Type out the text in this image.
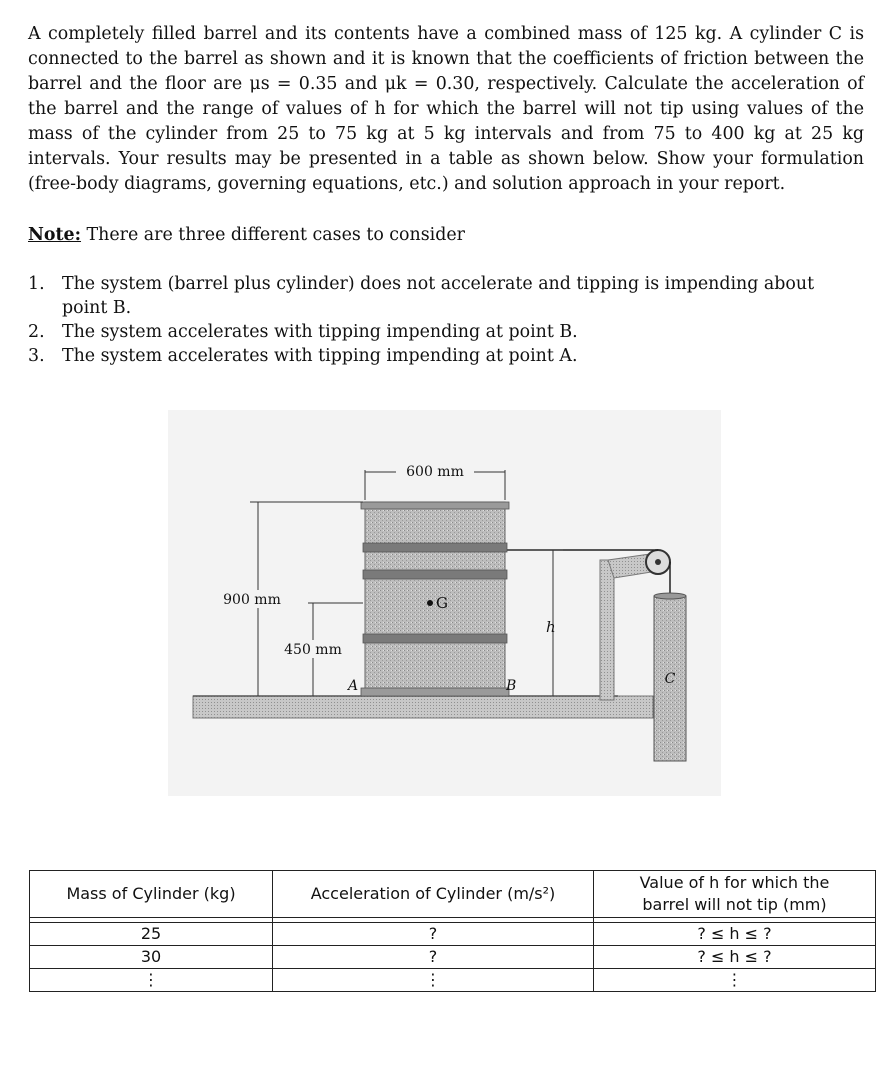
A completely filled barrel and its contents have a combined mass of 125 kg. A cylinder C is connected to the barrel as shown and it is known that the coefficients of friction between the barrel and the floor are μs = 0.35 and μk = 0.30, respectively. Calculate the acceleration of the barrel and the range of values of h for which the barrel will not tip using values of the mass of the cylinder from 25 to 75 kg at 5 kg intervals and from 75 to 400 kg at 25 kg intervals. Your results may be presented in a table as shown below. Show your formulation (free-body diagrams, governing equations, etc.) and solution approach in your report.

Note: There are three different cases to consider
1. The system (barrel plus cylinder) does not accelerate and tipping is impending about point B.
2. The system accelerates with tipping impending at point B.
3. The system accelerates with tipping impending at point A.
C
G
600 mm
900 mm
450 mm
h
A	B
Mass of Cylinder (kg)	Acceleration of Cylinder (m/s²)	Value of h for which the barrel will not tip (mm)

25	?	? ≤ h ≤ ?
30	?	? ≤ h ≤ ?
⋮	⋮	⋮
